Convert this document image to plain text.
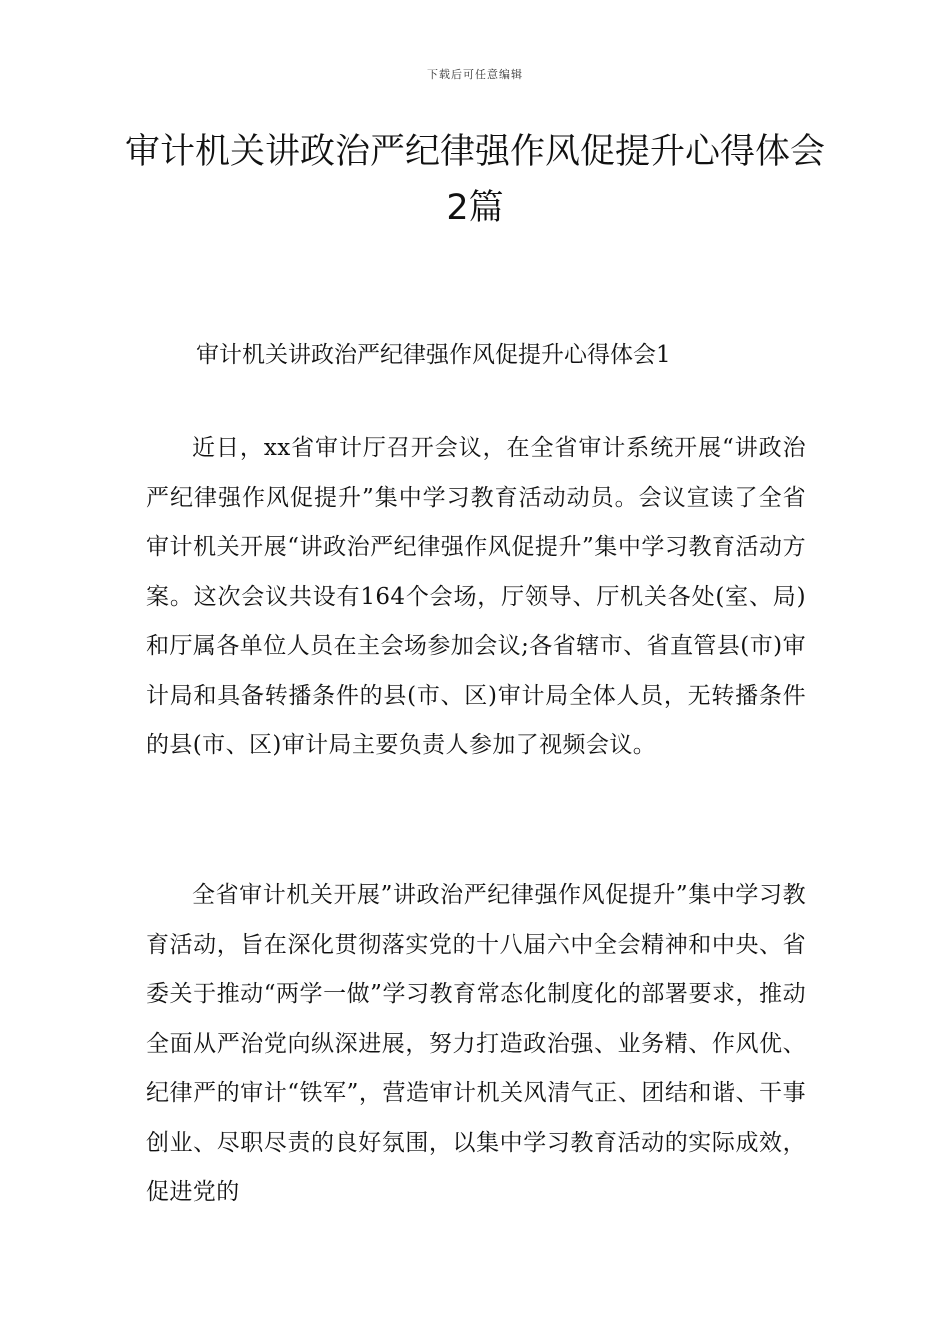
下载后可任意编辑
审计机关讲政治严纪律强作风促提升心得体会2篇
审计机关讲政治严纪律强作风促提升心得体会1

近日，xx省审计厅召开会议，在全省审计系统开展“讲政治严纪律强作风促提升”集中学习教育活动动员。会议宣读了全省审计机关开展“讲政治严纪律强作风促提升”集中学习教育活动方案。这次会议共设有164个会场，厅领导、厅机关各处(室、局)和厅属各单位人员在主会场参加会议;各省辖市、省直管县(市)审计局和具备转播条件的县(市、区)审计局全体人员，无转播条件的县(市、区)审计局主要负责人参加了视频会议。

全省审计机关开展”讲政治严纪律强作风促提升”集中学习教育活动，旨在深化贯彻落实党的十八届六中全会精神和中央、省委关于推动“两学一做”学习教育常态化制度化的部署要求，推动全面从严治党向纵深进展，努力打造政治强、业务精、作风优、纪律严的审计“铁军”，营造审计机关风清气正、团结和谐、干事创业、尽职尽责的良好氛围，以集中学习教育活动的实际成效，促进党的
